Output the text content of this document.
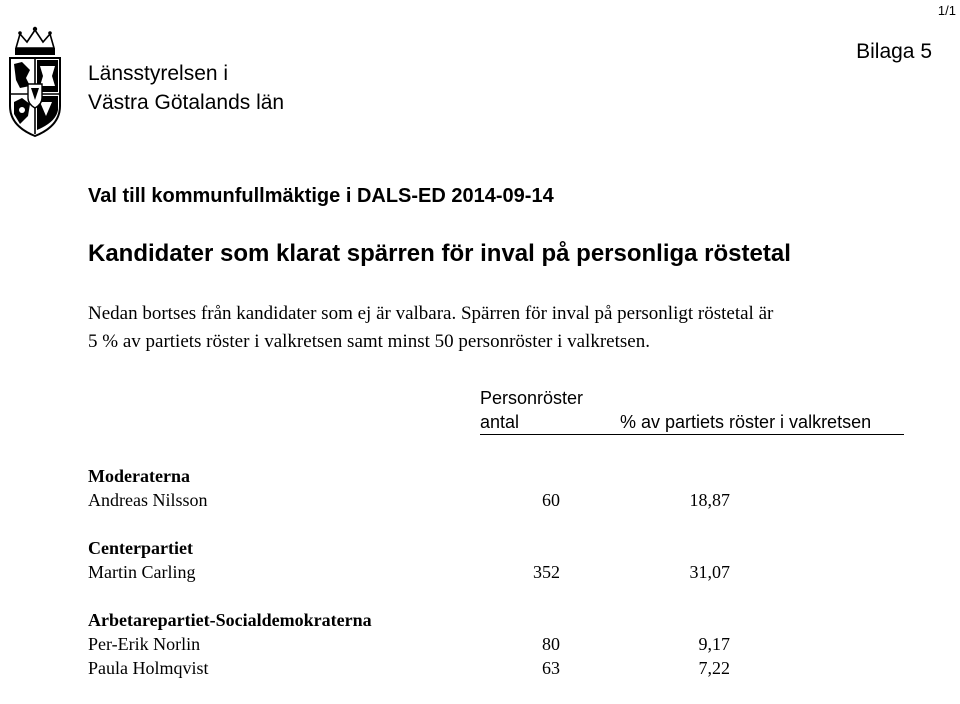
1/1
Länsstyrelsen i
Västra Götalands län
Bilaga 5
Val till kommunfullmäktige i DALS-ED 2014-09-14
Kandidater som klarat spärren för inval på personliga röstetal

Nedan bortses från kandidater som ej är valbara. Spärren för inval på personligt röstetal är

5 % av partiets röster i valkretsen samt minst 50 personröster i valkretsen.

Personröster
antal	% av partiets röster i valkretsen
Moderaterna
Andreas Nilsson	60	18,87
Centerpartiet
Martin Carling	352	31,07
Arbetarepartiet-Socialdemokraterna
Per-Erik Norlin	80	9,17
Paula Holmqvist	63	7,22
